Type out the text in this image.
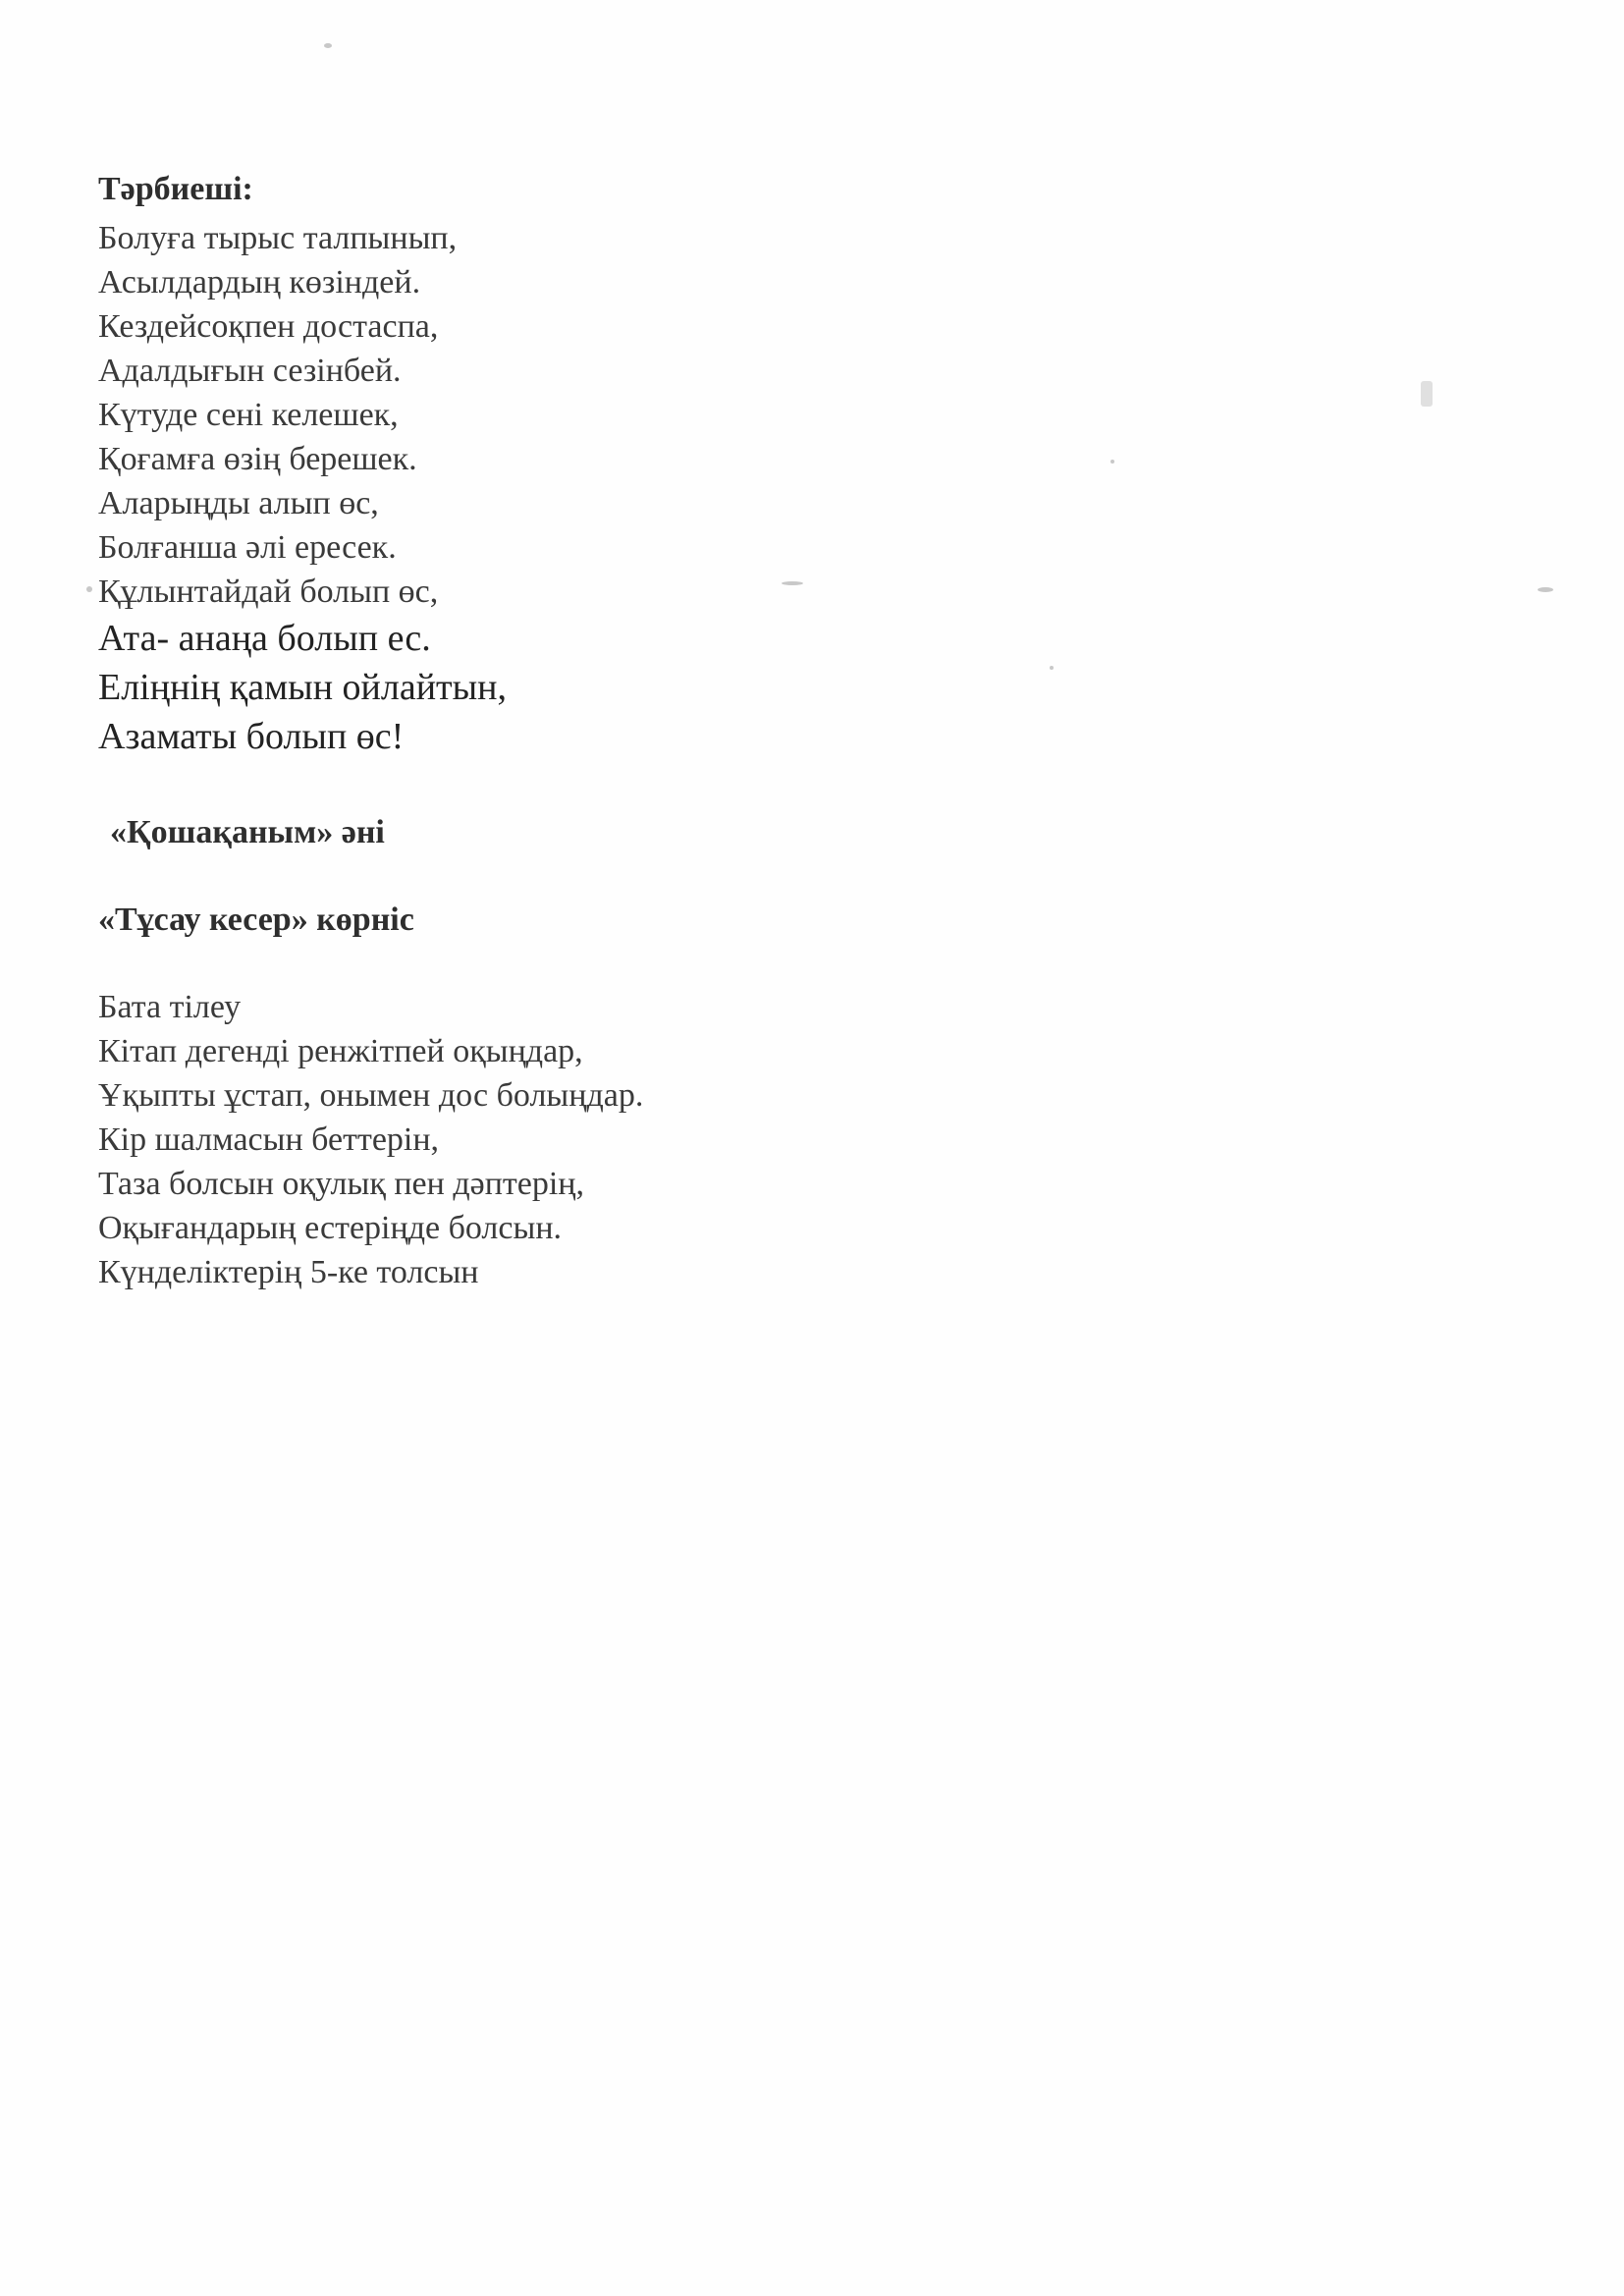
Тәрбиеші:
Болуға тырыс талпынып,
Асылдардың көзіндей.
Кездейсоқпен достаспа,
Адалдығын сезінбей.
Күтуде сені келешек,
Қоғамға өзің берешек.
Аларыңды алып өс,
Болғанша әлі ересек.
Құлынтайдай болып өс,
Ата- анаңа болып ес.
Еліңнің қамын ойлайтын,
Азаматы болып өс!
«Қошақаным» әні
«Тұсау кесер» көрніс
Бата тілеу
Кітап дегенді ренжітпей оқыңдар,
Ұқыпты ұстап, онымен дос болыңдар.
Кір шалмасын беттерін,
Таза болсын оқулық пен дәптерің,
Оқығандарың естеріңде болсын.
Күнделіктерің 5-ке толсын
